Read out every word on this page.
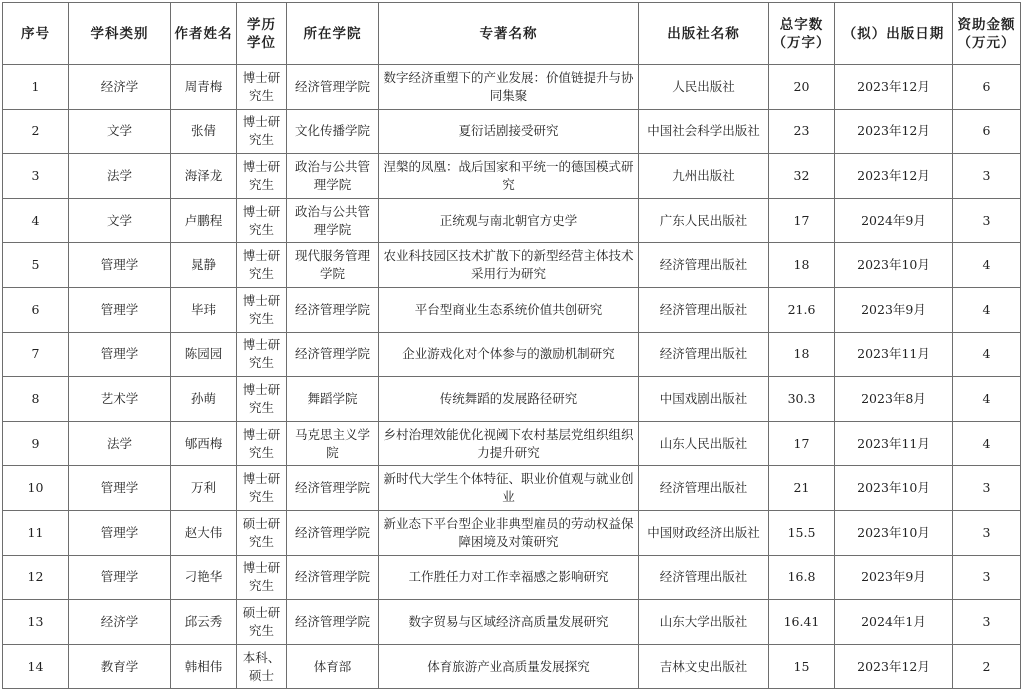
序号	学科类别	作者姓名	学历学位	所在学院	专著名称	出版社名称	总字数（万字）	（拟）出版日期	资助金额（万元）
1	经济学	周青梅	博士研究生	经济管理学院	数字经济重塑下的产业发展：价值链提升与协同集聚	人民出版社	20	2023年12月	6
2	文学	张倩	博士研究生	文化传播学院	夏衍话剧接受研究	中国社会科学出版社	23	2023年12月	6
3	法学	海泽龙	博士研究生	政治与公共管理学院	涅槃的凤凰：战后国家和平统一的德国模式研究	九州出版社	32	2023年12月	3
4	文学	卢鹏程	博士研究生	政治与公共管理学院	正统观与南北朝官方史学	广东人民出版社	17	2024年9月	3
5	管理学	晁静	博士研究生	现代服务管理学院	农业科技园区技术扩散下的新型经营主体技术采用行为研究	经济管理出版社	18	2023年10月	4
6	管理学	毕玮	博士研究生	经济管理学院	平台型商业生态系统价值共创研究	经济管理出版社	21.6	2023年9月	4
7	管理学	陈园园	博士研究生	经济管理学院	企业游戏化对个体参与的激励机制研究	经济管理出版社	18	2023年11月	4
8	艺术学	孙萌	博士研究生	舞蹈学院	传统舞蹈的发展路径研究	中国戏剧出版社	30.3	2023年8月	4
9	法学	郇西梅	博士研究生	马克思主义学院	乡村治理效能优化视阈下农村基层党组织组织力提升研究	山东人民出版社	17	2023年11月	4
10	管理学	万利	博士研究生	经济管理学院	新时代大学生个体特征、职业价值观与就业创业	经济管理出版社	21	2023年10月	3
11	管理学	赵大伟	硕士研究生	经济管理学院	新业态下平台型企业非典型雇员的劳动权益保障困境及对策研究	中国财政经济出版社	15.5	2023年10月	3
12	管理学	刁艳华	博士研究生	经济管理学院	工作胜任力对工作幸福感之影响研究	经济管理出版社	16.8	2023年9月	3
13	经济学	邱云秀	硕士研究生	经济管理学院	数字贸易与区域经济高质量发展研究	山东大学出版社	16.41	2024年1月	3
14	教育学	韩相伟	本科、硕士	体育部	体育旅游产业高质量发展探究	吉林文史出版社	15	2023年12月	2
